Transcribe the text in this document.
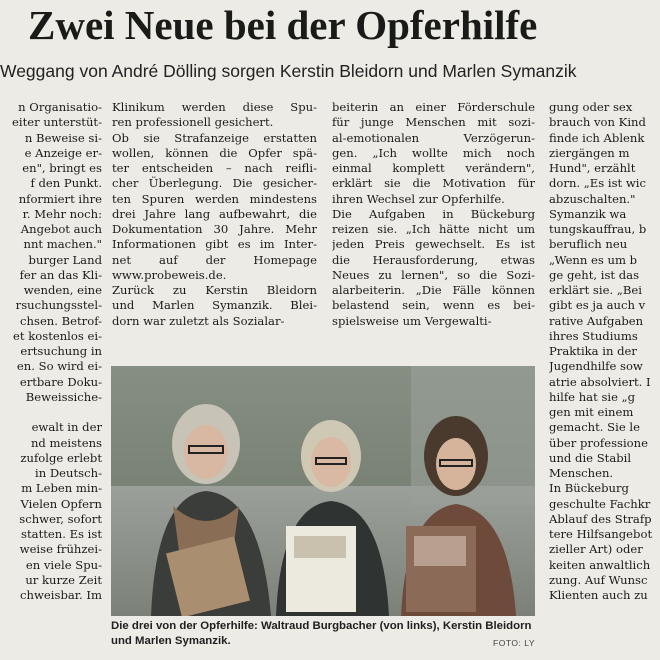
Zwei Neue bei der Opferhilfe
Weggang von André Dölling sorgen Kerstin Bleidorn und Marlen Symanzik
n Organisatio-
eiter unterstüt-
n Beweise si-
e Anzeige er-
en", bringt es
f den Punkt.
nformiert ihre
r. Mehr noch:
Angebot auch
nnt machen."
burger Land
fer an das Kli-
wenden, eine
rsuchungsstel-
chsen. Betrof-
et kostenlos ei-
ertsuchung in
en. So wird ei-
ertbare Doku-
Beweissiche-

ewalt in der
nd meistens
zufolge erlebt
in Deutsch-
m Leben min-
Vielen Opfern
schwer, sofort
statten. Es ist
weise frühzei-
en viele Spu-
ur kurze Zeit
chweisbar. Im
Klinikum werden diese Spu-
ren professionell gesichert.
Ob sie Strafanzeige erstatten
wollen, können die Opfer spä-
ter entscheiden – nach reifli-
cher Überlegung. Die gesicher-
ten Spuren werden mindestens
drei Jahre lang aufbewahrt, die
Dokumentation 30 Jahre. Mehr
Informationen gibt es im Inter-
net auf der Homepage
www.probeweis.de.
Zurück zu Kerstin Bleidorn
und Marlen Symanzik. Blei-
dorn war zuletzt als Sozialar-
beiterin an einer Förderschule
für junge Menschen mit sozi-
al-emotionalen Verzögerun-
gen. „Ich wollte mich noch
einmal komplett verändern",
erklärt sie die Motivation für
ihren Wechsel zur Opferhilfe.
Die Aufgaben in Bückeburg
reizen sie. „Ich hätte nicht um
jeden Preis gewechselt. Es ist
die Herausforderung, etwas
Neues zu lernen", so die Sozi-
alarbeiterin. „Die Fälle können
belastend sein, wenn es bei-
spielsweise um Vergewalti-
gung oder sex
brauch von Kind
finde ich Ablenk
ziergängen m
Hund", erzählt
dorn. „Es ist wic
abzuschalten."
Symanzik wa
tungskauffrau, b
beruflich neu
„Wenn es um b
ge geht, ist das
erklärt sie. „Bei
gibt es ja auch v
rative Aufgaben
ihres Studiums
Praktika in der
Jugendhilfe sow
atrie absolviert. I
hilfe hat sie „g
gen mit einem
gemacht. Sie le
über professione
und die Stabil
Menschen.
In Bückeburg
geschulte Fachkr
Ablauf des Strafp
tere Hilfsangebot
zieller Art) oder
keiten anwaltlich
zung. Auf Wunsc
Klienten auch zu
Die drei von der Opferhilfe: Waltraud Burgbacher (von links), Kerstin Bleidorn und Marlen Symanzik.	FOTO: LY
